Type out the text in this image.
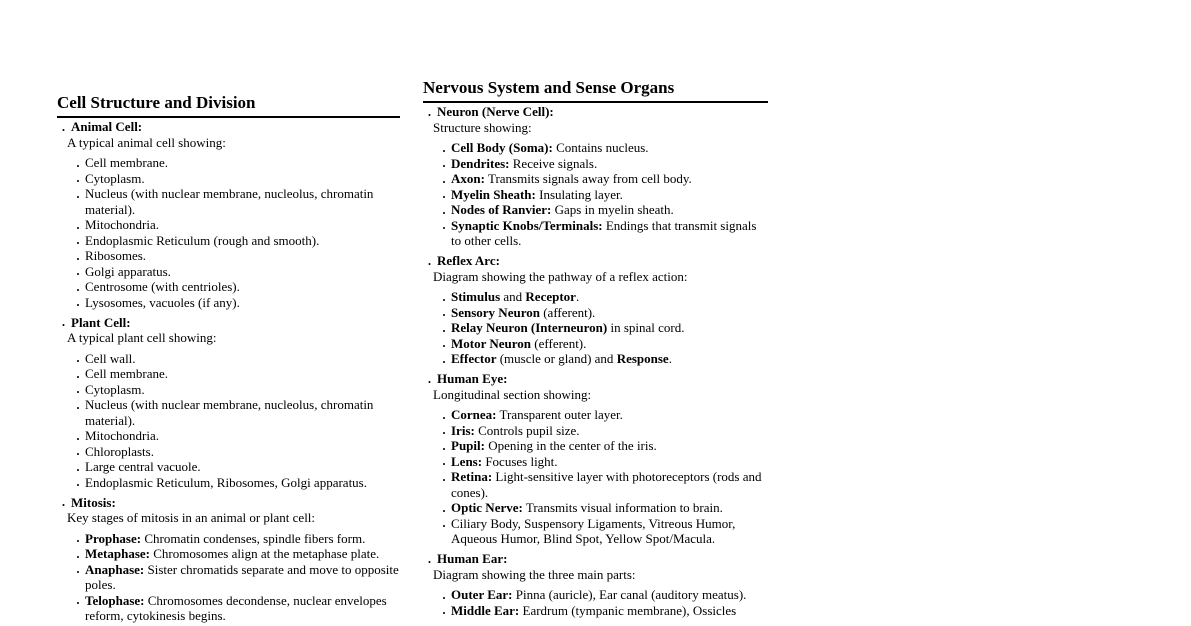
Cell Structure and Division
• Animal Cell:
A typical animal cell showing:
• Cell membrane.
• Cytoplasm.
• Nucleus (with nuclear membrane, nucleolus, chromatin material).
• Mitochondria.
• Endoplasmic Reticulum (rough and smooth).
• Ribosomes.
• Golgi apparatus.
• Centrosome (with centrioles).
• Lysosomes, vacuoles (if any).
• Plant Cell:
A typical plant cell showing:
• Cell wall.
• Cell membrane.
• Cytoplasm.
• Nucleus (with nuclear membrane, nucleolus, chromatin material).
• Mitochondria.
• Chloroplasts.
• Large central vacuole.
• Endoplasmic Reticulum, Ribosomes, Golgi apparatus.
• Mitosis:
Key stages of mitosis in an animal or plant cell:
• Prophase: Chromatin condenses, spindle fibers form.
• Metaphase: Chromosomes align at the metaphase plate.
• Anaphase: Sister chromatids separate and move to opposite poles.
• Telophase: Chromosomes decondense, nuclear envelopes reform, cytokinesis begins.
Nervous System and Sense Organs
• Neuron (Nerve Cell):
Structure showing:
• Cell Body (Soma): Contains nucleus.
• Dendrites: Receive signals.
• Axon: Transmits signals away from cell body.
• Myelin Sheath: Insulating layer.
• Nodes of Ranvier: Gaps in myelin sheath.
• Synaptic Knobs/Terminals: Endings that transmit signals to other cells.
• Reflex Arc:
Diagram showing the pathway of a reflex action:
• Stimulus and Receptor.
• Sensory Neuron (afferent).
• Relay Neuron (Interneuron) in spinal cord.
• Motor Neuron (efferent).
• Effector (muscle or gland) and Response.
• Human Eye:
Longitudinal section showing:
• Cornea: Transparent outer layer.
• Iris: Controls pupil size.
• Pupil: Opening in the center of the iris.
• Lens: Focuses light.
• Retina: Light-sensitive layer with photoreceptors (rods and cones).
• Optic Nerve: Transmits visual information to brain.
• Ciliary Body, Suspensory Ligaments, Vitreous Humor, Aqueous Humor, Blind Spot, Yellow Spot/Macula.
• Human Ear:
Diagram showing the three main parts:
• Outer Ear: Pinna (auricle), Ear canal (auditory meatus).
• Middle Ear: Eardrum (tympanic membrane), Ossicles
